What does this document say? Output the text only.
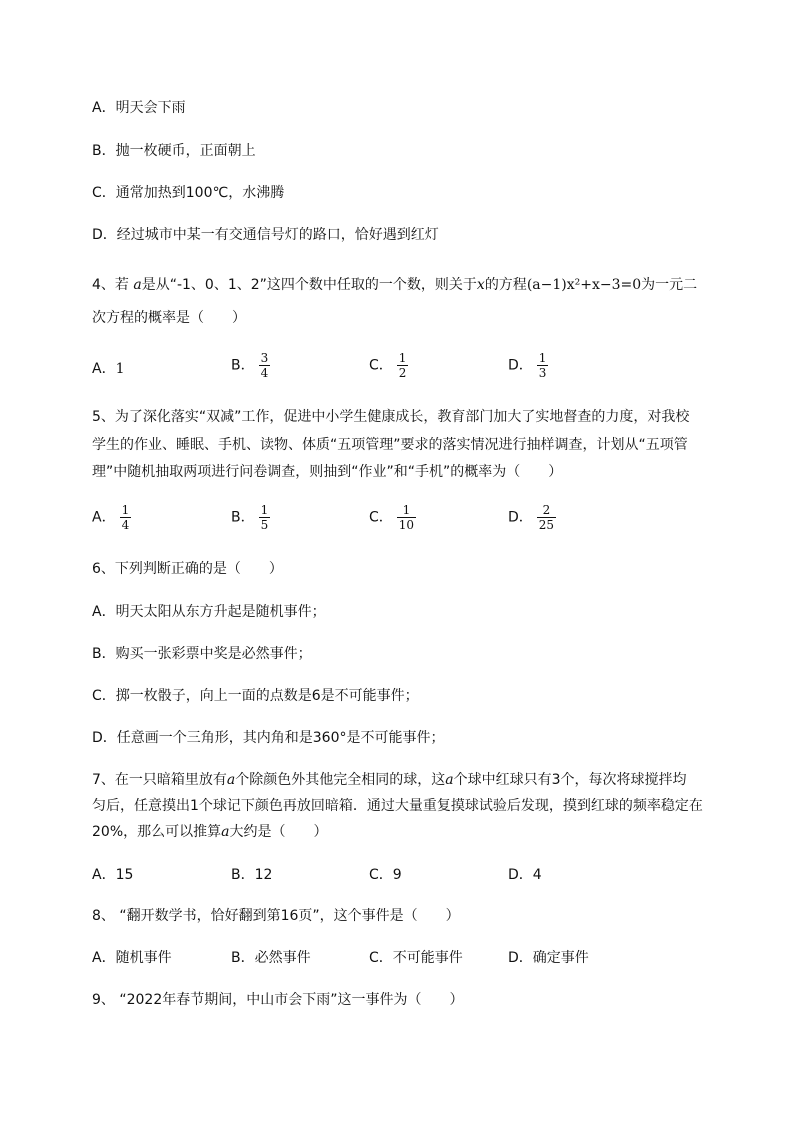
A．明天会下雨
B．抛一枚硬币，正面朝上
C．通常加热到100℃，水沸腾
D．经过城市中某一有交通信号灯的路口，恰好遇到红灯
4、若 a是从“-1、0、1、2”这四个数中任取的一个数，则关于x的方程(a−1)x²+x−3=0为一元二
次方程的概率是（　　）
A．1	B． $\frac{3}{4}$	C． $\frac{1}{2}$	D． $\frac{1}{3}$
5、为了深化落实“双减”工作，促进中小学生健康成长，教育部门加大了实地督查的力度，对我校
学生的作业、睡眠、手机、读物、体质“五项管理”要求的落实情况进行抽样调查，计划从“五项管
理”中随机抽取两项进行问卷调查，则抽到“作业”和“手机”的概率为（　　）
A． $\frac{1}{4}$	B． $\frac{1}{5}$	C． $\frac{1}{10}$	D． $\frac{2}{25}$
6、下列判断正确的是（　　）
A．明天太阳从东方升起是随机事件；
B．购买一张彩票中奖是必然事件；
C．掷一枚骰子，向上一面的点数是6是不可能事件；
D．任意画一个三角形，其内角和是360°是不可能事件；
7、在一只暗箱里放有a个除颜色外其他完全相同的球，这a个球中红球只有3个，每次将球搅拌均
匀后，任意摸出1个球记下颜色再放回暗箱．通过大量重复摸球试验后发现，摸到红球的频率稳定在
20%，那么可以推算a大约是（　　）
A．15	B．12	C．9	D．4
8、 “翻开数学书，恰好翻到第16页”，这个事件是（　　）
A．随机事件	B．必然事件	C．不可能事件	D．确定事件
9、 “2022年春节期间，中山市会下雨”这一事件为（　　）
